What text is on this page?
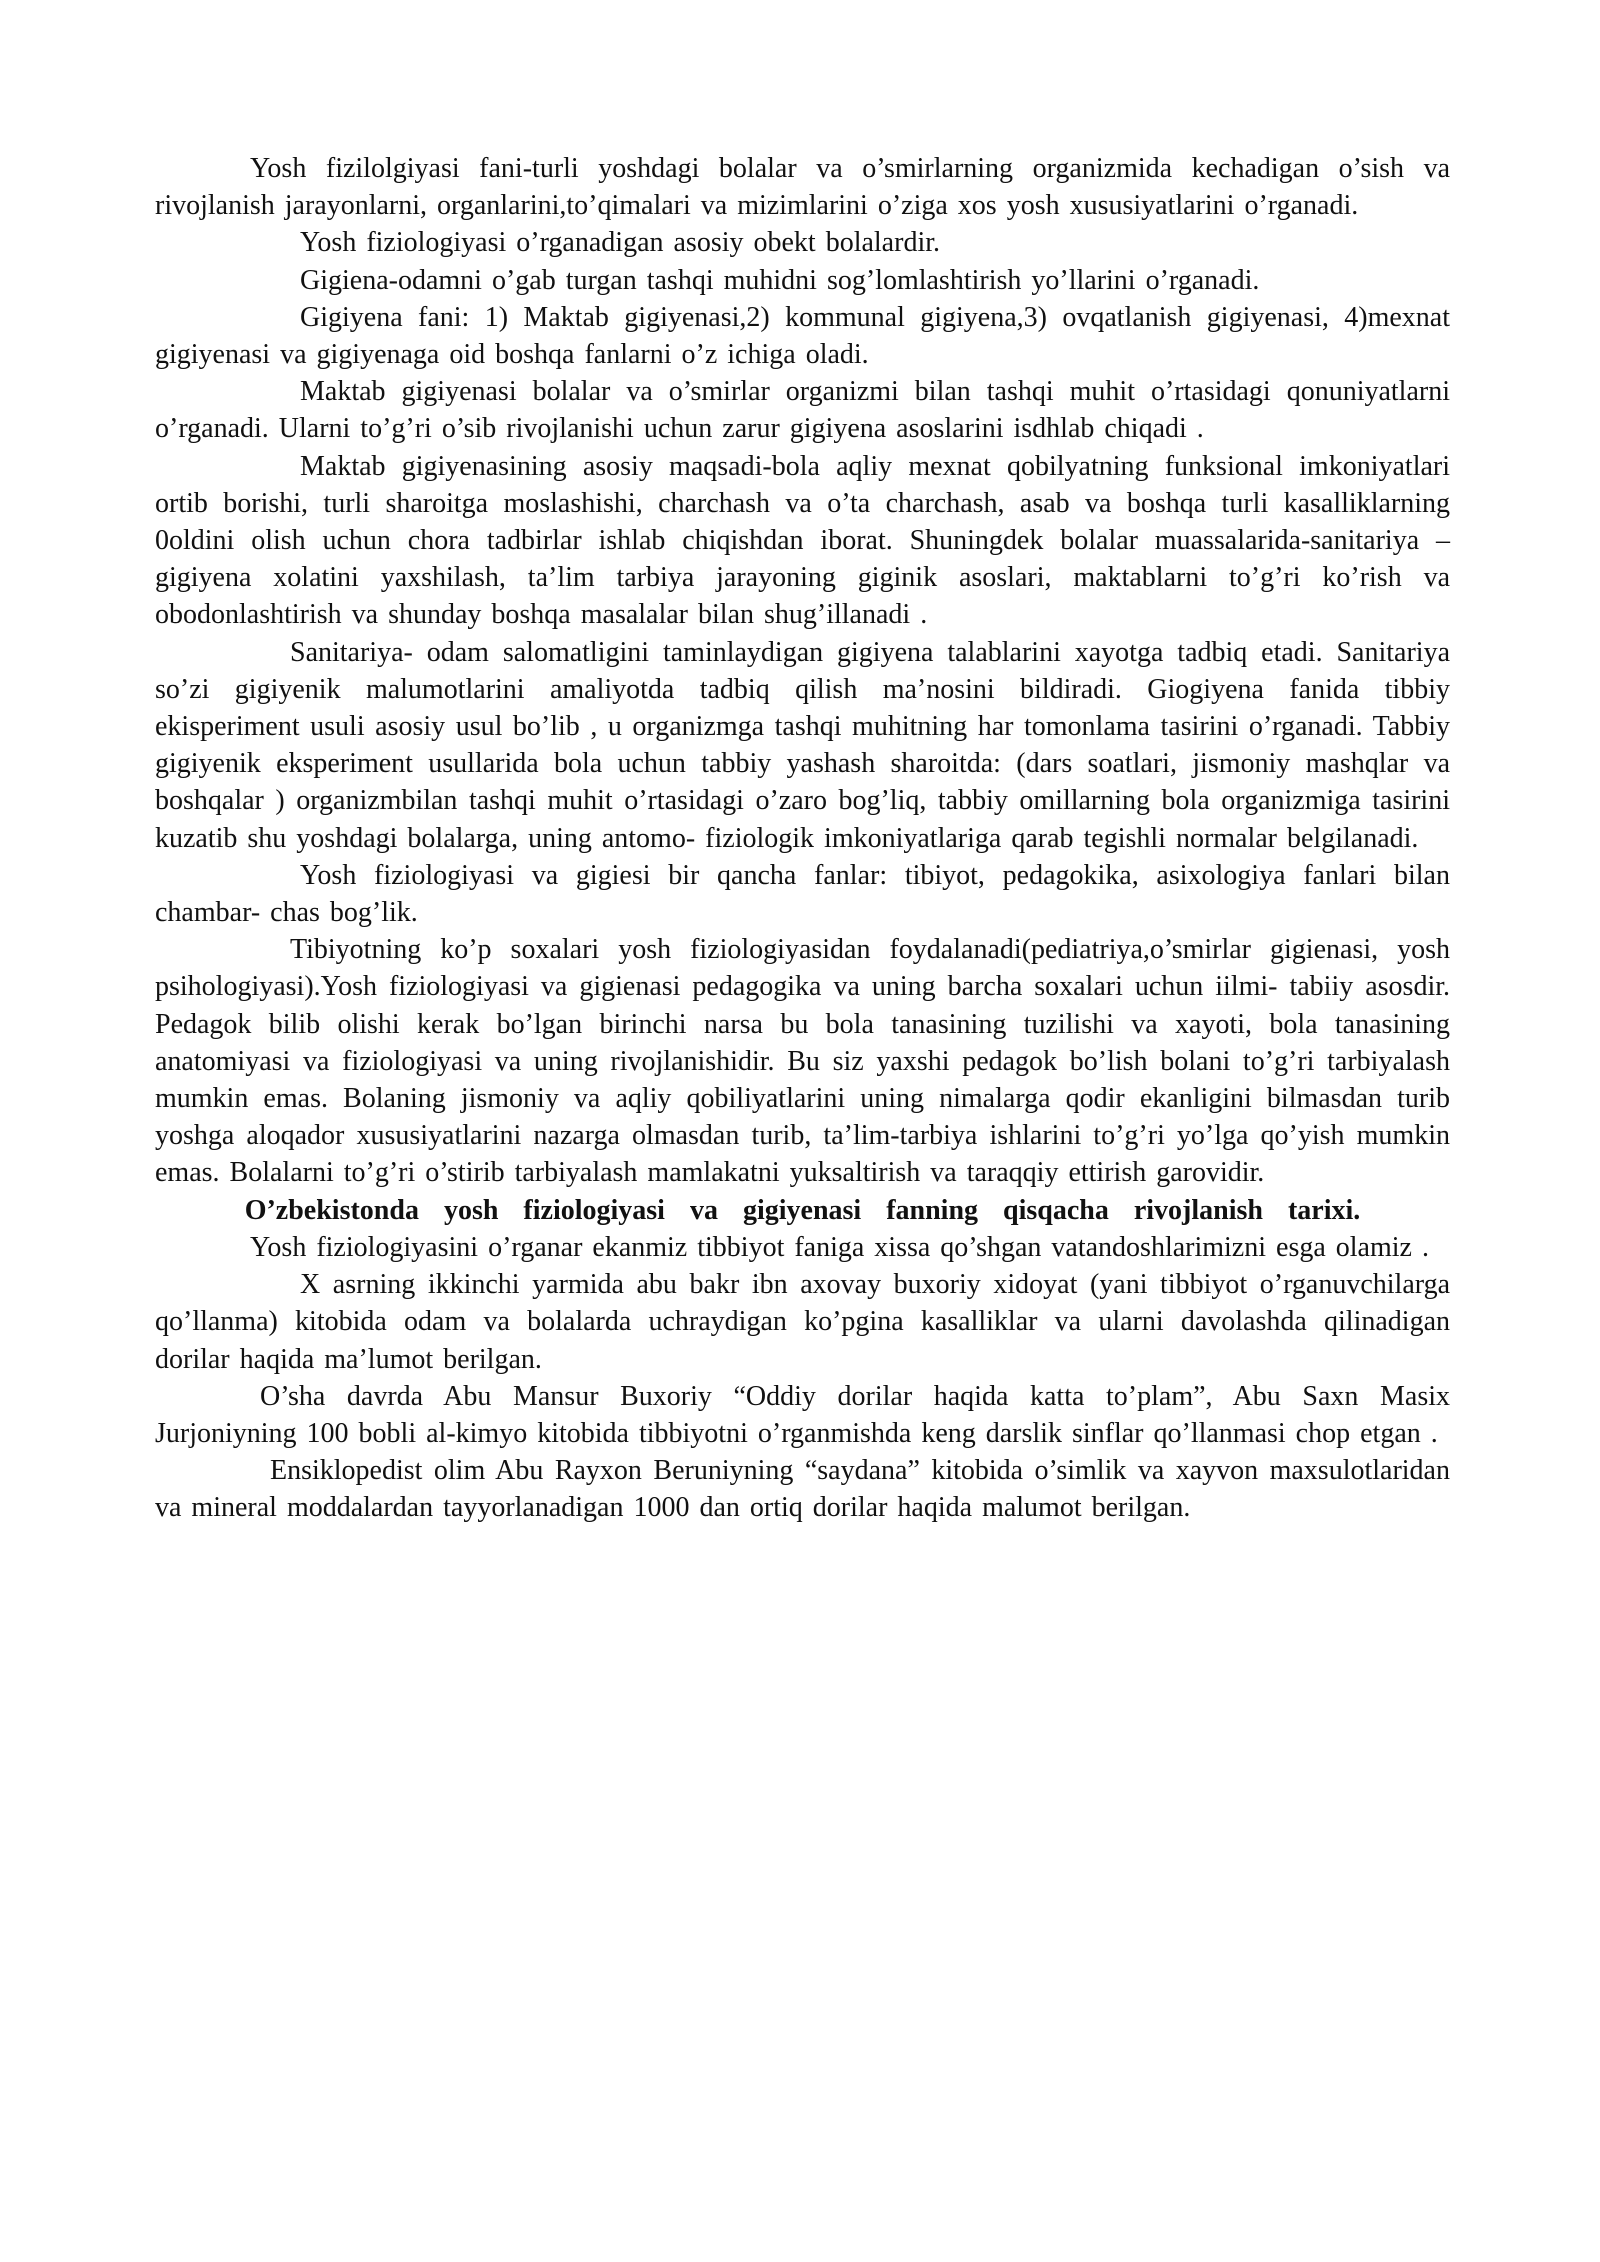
Yosh fizilolgiyasi fani-turli yoshdagi bolalar va o’smirlarning organizmida kechadigan o’sish va rivojlanish jarayonlarni, organlarini,to’qimalari va mizimlarini o’ziga xos yosh xususiyatlarini o’rganadi.

Yosh fiziologiyasi o’rganadigan asosiy obekt bolalardir.

Gigiena-odamni o’gab turgan tashqi muhidni sog’lomlashtirish yo’llarini o’rganadi.

Gigiyena fani: 1) Maktab gigiyenasi,2) kommunal gigiyena,3) ovqatlanish gigiyenasi, 4)mexnat gigiyenasi va gigiyenaga oid boshqa fanlarni o’z ichiga oladi.

Maktab gigiyenasi bolalar va o’smirlar organizmi bilan tashqi muhit o’rtasidagi qonuniyatlarni o’rganadi. Ularni to’g’ri o’sib rivojlanishi uchun zarur gigiyena asoslarini isdhlab chiqadi .

Maktab gigiyenasining asosiy maqsadi-bola aqliy mexnat qobilyatning funksional imkoniyatlari ortib borishi, turli sharoitga moslashishi, charchash va o’ta charchash, asab va boshqa turli kasalliklarning 0oldini olish uchun chora tadbirlar ishlab chiqishdan iborat. Shuningdek bolalar muassalarida-sanitariya –gigiyena xolatini yaxshilash, ta’lim tarbiya jarayoning giginik asoslari, maktablarni to’g’ri ko’rish va obodonlashtirish va shunday boshqa masalalar bilan shug’illanadi .

Sanitariya- odam salomatligini taminlaydigan gigiyena talablarini xayotga tadbiq etadi. Sanitariya so’zi gigiyenik malumotlarini amaliyotda tadbiq qilish ma’nosini bildiradi. Giogiyena fanida tibbiy ekisperiment usuli asosiy usul bo’lib , u organizmga tashqi muhitning har tomonlama tasirini o’rganadi. Tabbiy gigiyenik eksperiment usullarida bola uchun tabbiy yashash sharoitda: (dars soatlari, jismoniy mashqlar va boshqalar ) organizmbilan tashqi muhit o’rtasidagi o’zaro bog’liq, tabbiy omillarning bola organizmiga tasirini kuzatib shu yoshdagi bolalarga, uning antomo- fiziologik imkoniyatlariga qarab tegishli normalar belgilanadi.

Yosh fiziologiyasi va gigiesi bir qancha fanlar: tibiyot, pedagokika, asixologiya fanlari bilan chambar- chas bog’lik.

Tibiyotning ko’p soxalari yosh fiziologiyasidan foydalanadi(pediatriya,o’smirlar gigienasi, yosh psihologiyasi).Yosh fiziologiyasi va gigienasi pedagogika va uning barcha soxalari uchun iilmi- tabiiy asosdir. Pedagok bilib olishi kerak bo’lgan birinchi narsa bu bola tanasining tuzilishi va xayoti, bola tanasining anatomiyasi va fiziologiyasi va uning rivojlanishidir. Bu siz yaxshi pedagok bo’lish bolani to’g’ri tarbiyalash mumkin emas. Bolaning jismoniy va aqliy qobiliyatlarini uning nimalarga qodir ekanligini bilmasdan turib yoshga aloqador xususiyatlarini nazarga olmasdan turib, ta’lim-tarbiya ishlarini to’g’ri yo’lga qo’yish mumkin emas. Bolalarni to’g’ri o’stirib tarbiyalash mamlakatni yuksaltirish va taraqqiy ettirish garovidir.

O’zbekistonda yosh fiziologiyasi va gigiyenasi fanning qisqacha rivojlanish tarixi.

Yosh fiziologiyasini o’rganar ekanmiz tibbiyot faniga xissa qo’shgan vatandoshlarimizni esga olamiz .

X asrning ikkinchi yarmida abu bakr ibn axovay buxoriy xidoyat (yani tibbiyot o’rganuvchilarga qo’llanma) kitobida odam va bolalarda uchraydigan ko’pgina kasalliklar va ularni davolashda qilinadigan dorilar haqida ma’lumot berilgan.

O’sha davrda Abu Mansur Buxoriy “Oddiy dorilar haqida katta to’plam”, Abu Saxn Masix Jurjoniyning 100 bobli al-kimyo kitobida tibbiyotni o’rganmishda keng darslik sinflar qo’llanmasi chop etgan .

Ensiklopedist olim Abu Rayxon Beruniyning “saydana” kitobida o’simlik va xayvon maxsulotlaridan va mineral moddalardan tayyorlanadigan 1000 dan ortiq dorilar haqida malumot berilgan.
